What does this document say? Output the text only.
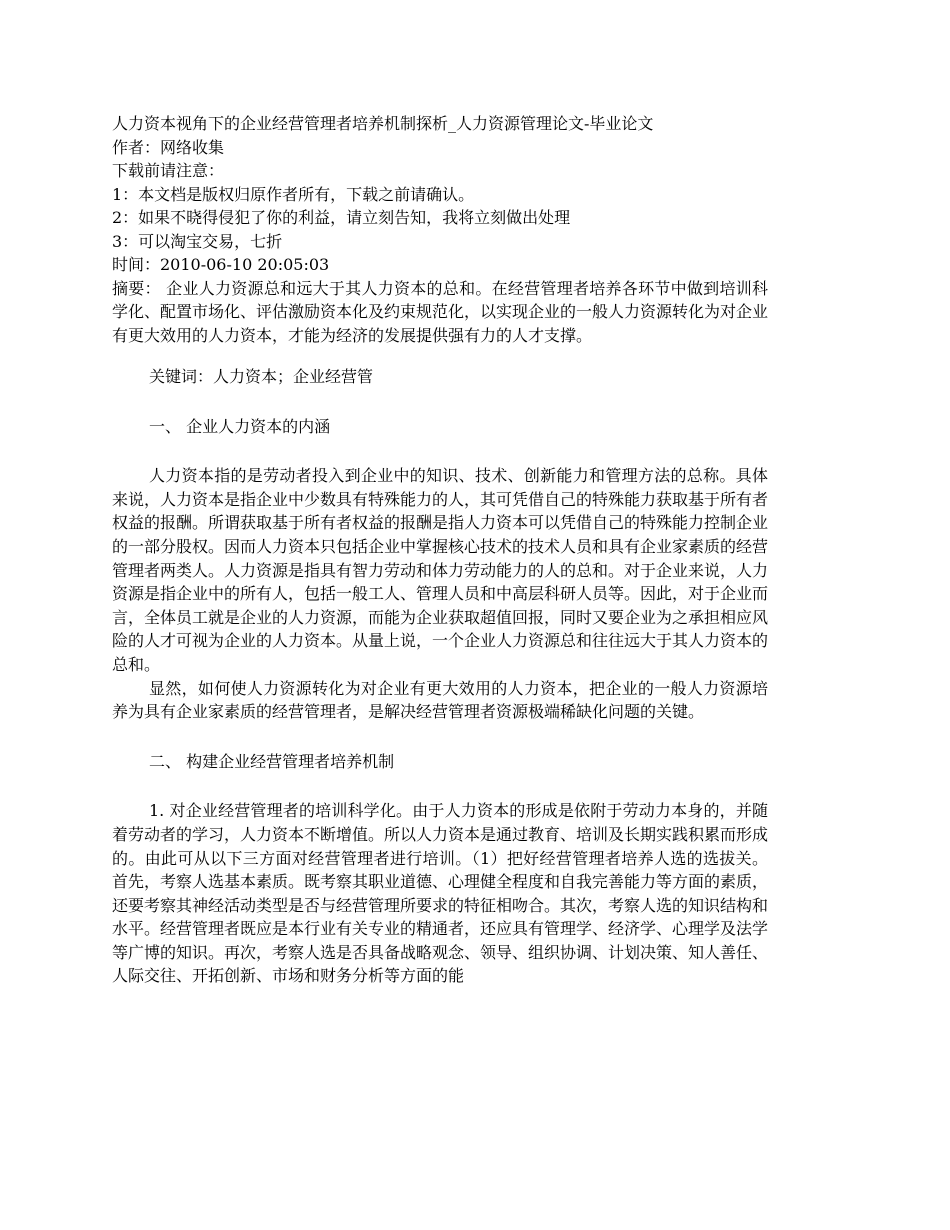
人力资本视角下的企业经营管理者培养机制探析_人力资源管理论文-毕业论文

作者：网络收集

下载前请注意：

1：本文档是版权归原作者所有，下载之前请确认。

2：如果不晓得侵犯了你的利益，请立刻告知，我将立刻做出处理

3：可以淘宝交易，七折

时间：2010-06-10 20:05:03

摘要： 企业人力资源总和远大于其人力资本的总和。在经营管理者培养各环节中做到培训科学化、配置市场化、评估激励资本化及约束规范化，以实现企业的一般人力资源转化为对企业有更大效用的人力资本，才能为经济的发展提供强有力的人才支撑。

关键词：人力资本；企业经营管

一、 企业人力资本的内涵

人力资本指的是劳动者投入到企业中的知识、技术、创新能力和管理方法的总称。具体来说，人力资本是指企业中少数具有特殊能力的人，其可凭借自己的特殊能力获取基于所有者权益的报酬。所谓获取基于所有者权益的报酬是指人力资本可以凭借自己的特殊能力控制企业的一部分股权。因而人力资本只包括企业中掌握核心技术的技术人员和具有企业家素质的经营管理者两类人。人力资源是指具有智力劳动和体力劳动能力的人的总和。对于企业来说，人力资源是指企业中的所有人，包括一般工人、管理人员和中高层科研人员等。因此，对于企业而言，全体员工就是企业的人力资源，而能为企业获取超值回报，同时又要企业为之承担相应风险的人才可视为企业的人力资本。从量上说，一个企业人力资源总和往往远大于其人力资本的总和。

显然，如何使人力资源转化为对企业有更大效用的人力资本，把企业的一般人力资源培养为具有企业家素质的经营管理者，是解决经营管理者资源极端稀缺化问题的关键。

二、 构建企业经营管理者培养机制

1. 对企业经营管理者的培训科学化。由于人力资本的形成是依附于劳动力本身的，并随着劳动者的学习，人力资本不断增值。所以人力资本是通过教育、培训及长期实践积累而形成的。由此可从以下三方面对经营管理者进行培训。（1）把好经营管理者培养人选的选拔关。首先，考察人选基本素质。既考察其职业道德、心理健全程度和自我完善能力等方面的素质，还要考察其神经活动类型是否与经营管理所要求的特征相吻合。其次，考察人选的知识结构和水平。经营管理者既应是本行业有关专业的精通者，还应具有管理学、经济学、心理学及法学等广博的知识。再次，考察人选是否具备战略观念、领导、组织协调、计划决策、知人善任、人际交往、开拓创新、市场和财务分析等方面的能
